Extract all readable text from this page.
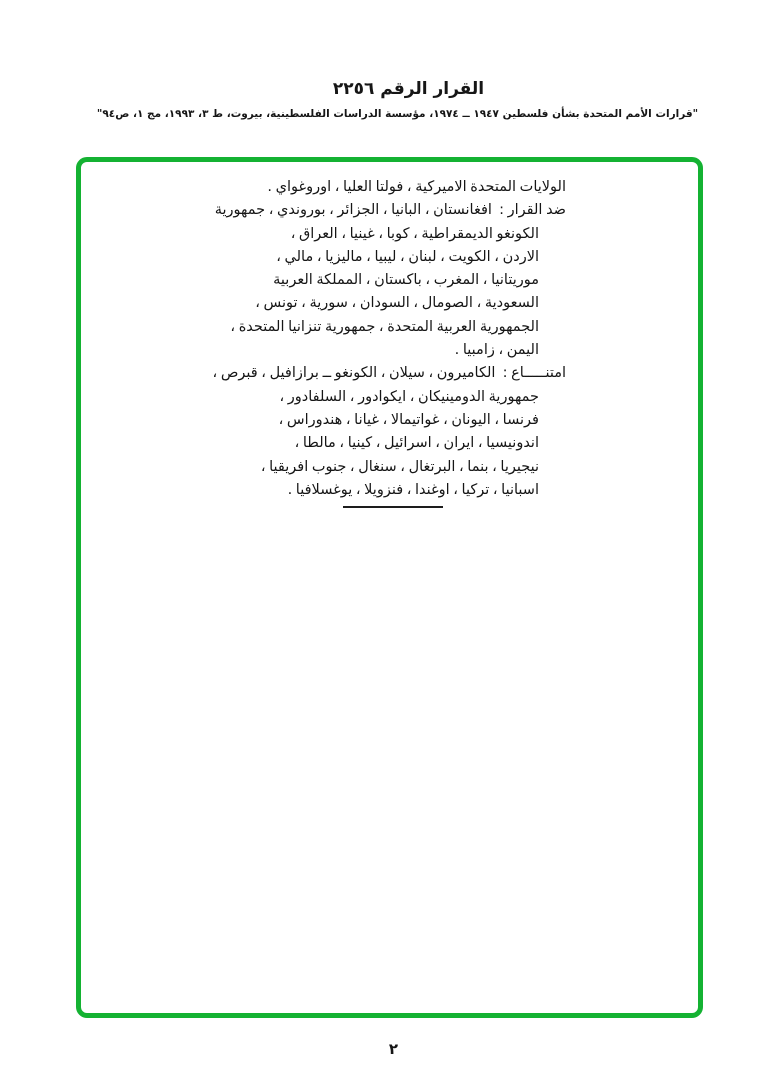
القرار الرقم ٢٢٥٦
"قرارات الأمم المتحدة بشأن فلسطين ١٩٤٧ ــ ١٩٧٤، مؤسسة الدراسات الفلسطينية، بيروت، ط ٣، ١٩٩٣، مج ١، ص٩٤"
الولايات المتحدة الاميركية ، فولتا العليا ، اوروغواي .
ضد القرار :  افغانستان ، البانيا ، الجزائر ، بوروندي ، جمهورية
الكونغو الديمقراطية ، كوبا ، غينيا ، العراق ،
الاردن ، الكويت ، لبنان ، ليبيا ، ماليزيا ، مالي ،
موريتانيا ، المغرب ، باكستان ، المملكة العربية
السعودية ، الصومال ، السودان ، سورية ، تونس ،
الجمهورية العربية المتحدة ، جمهورية تنزانيا المتحدة ،
اليمن ، زامبيا .
امتنـــــاع :  الكاميرون ، سيلان ، الكونغو ــ برازافيل ، قبرص ،
جمهورية الدومينيكان ، ايكوادور ، السلفادور ،
فرنسا ، اليونان ، غواتيمالا ، غيانا ، هندوراس ،
اندونيسيا ، ايران ، اسرائيل ، كينيا ، مالطا ،
نيجيريا ، بنما ، البرتغال ، سنغال ، جنوب افريقيا ،
اسبانيا ، تركيا ، اوغندا ، فنزويلا ، يوغسلافيا .
٢
